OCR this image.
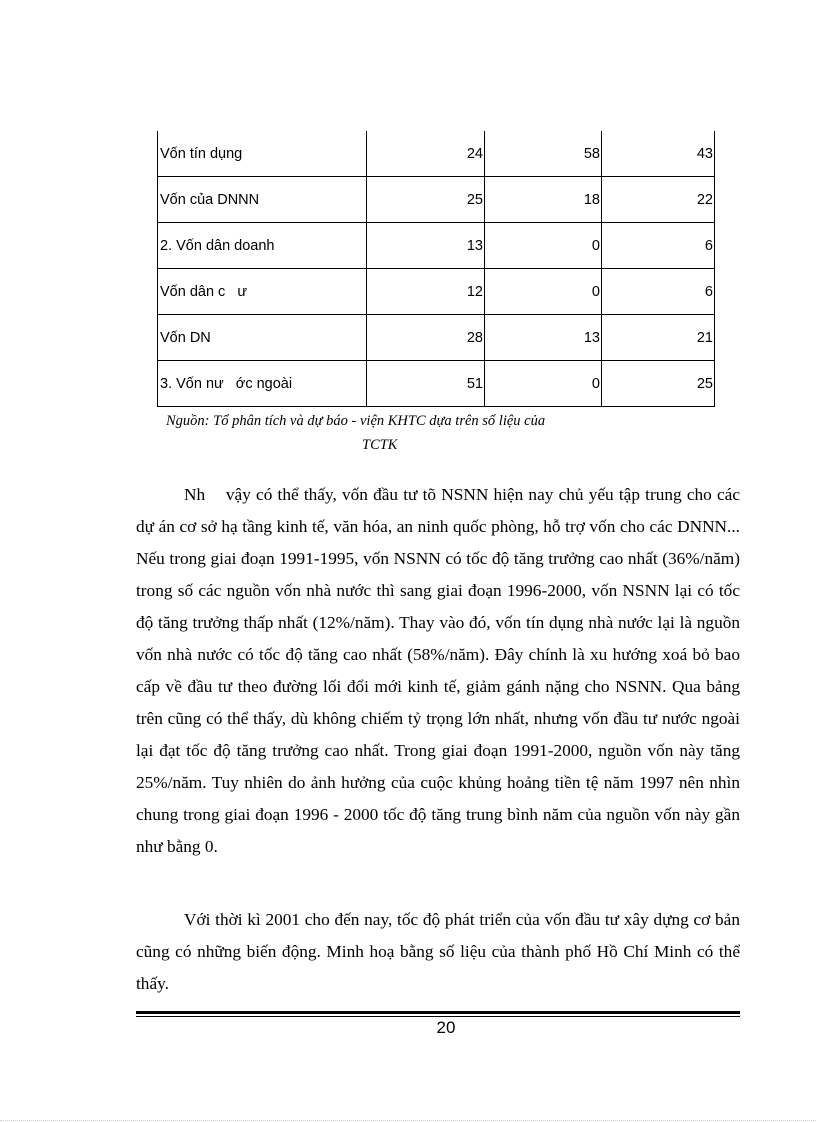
Vốn tín dụng	24	58	43
Vốn của DNNN	25	18	22
2. Vốn dân doanh	13	0	6
Vốn dân c   ư	12	0	6
Vốn DN	28	13	21
3. Vốn nư   ớc ngoài	51	0	25
Nguồn: Tổ phân tích và dự báo - viện KHTC dựa trên số liệu của
TCTK

Nh    vậy có thể thấy, vốn đầu tư tõ NSNN hiện nay chủ yếu tập trung cho các dự án cơ sở hạ tầng kinh tế, văn hóa, an ninh quốc phòng, hỗ trợ vốn cho các DNNN... Nếu trong giai đoạn 1991-1995, vốn NSNN có tốc độ tăng trưởng cao nhất (36%/năm) trong số các nguồn vốn nhà nước thì sang giai đoạn 1996-2000, vốn NSNN lại có tốc độ tăng trưởng thấp nhất (12%/năm). Thay vào đó, vốn tín dụng nhà nước lại là nguồn vốn nhà nước có tốc độ tăng cao nhất (58%/năm). Đây chính là xu hướng xoá bỏ bao cấp về đầu tư theo đường lối đổi mới kinh tế, giảm gánh nặng cho NSNN. Qua bảng trên cũng có thể thấy, dù không chiếm tỷ trọng lớn nhất, nhưng vốn đầu tư nước ngoài lại đạt tốc độ tăng trưởng cao nhất. Trong giai đoạn 1991-2000, nguồn vốn này tăng 25%/năm. Tuy nhiên do ảnh hưởng của cuộc khủng hoảng tiền tệ năm 1997 nên nhìn chung trong giai đoạn 1996 - 2000 tốc độ tăng trung bình năm của nguồn vốn này gần như bằng 0.

Với thời kì 2001 cho đến nay, tốc độ phát triển của vốn đầu tư xây dựng cơ bản cũng có những biến động. Minh hoạ bằng số liệu của thành phố Hồ Chí Minh có thể thấy.

20
